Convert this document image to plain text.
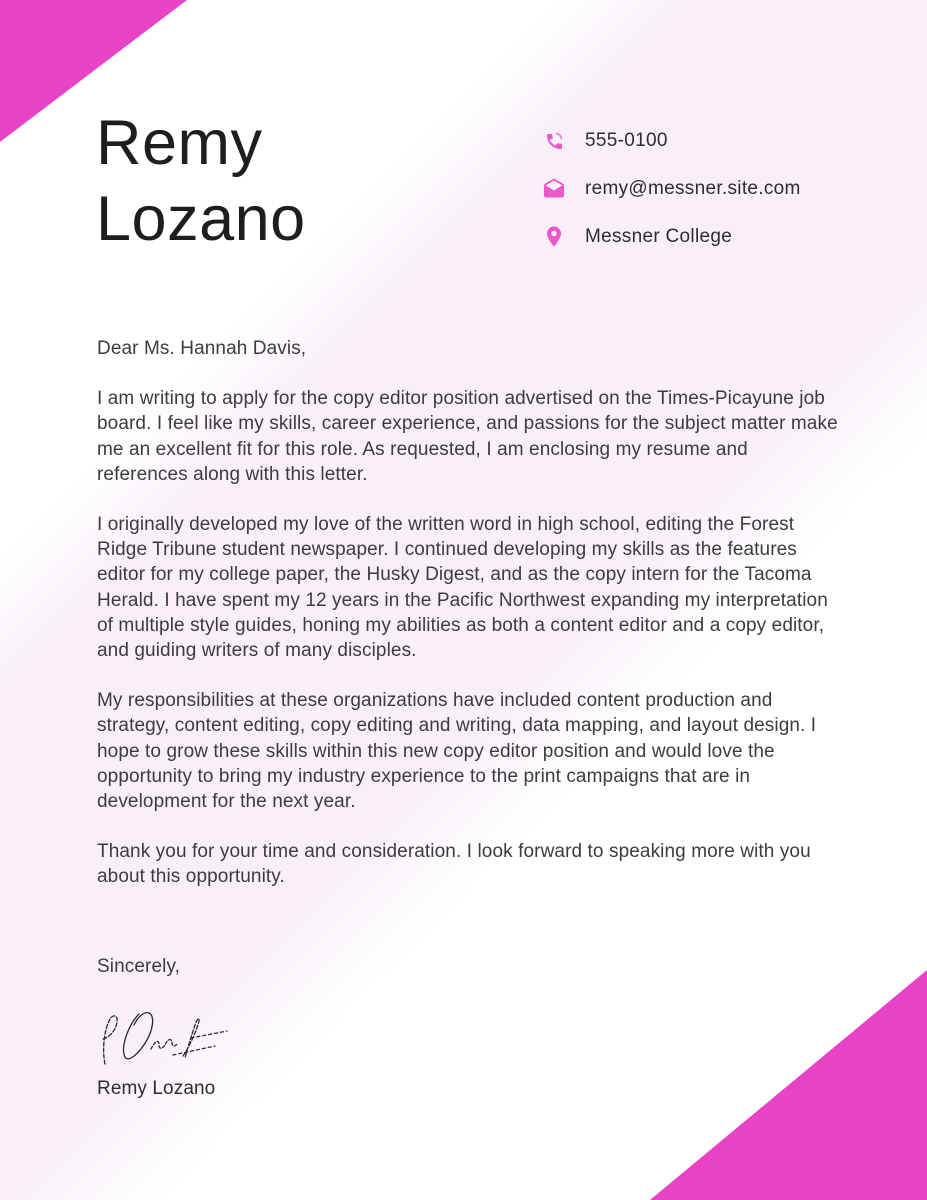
Remy
Lozano
555-0100
remy@messner.site.com
Messner College

Dear Ms. Hannah Davis,

I am writing to apply for the copy editor position advertised on the Times-Picayune job board. I feel like my skills, career experience, and passions for the subject matter make me an excellent fit for this role. As requested, I am enclosing my resume and references along with this letter.

I originally developed my love of the written word in high school, editing the Forest Ridge Tribune student newspaper. I continued developing my skills as the features editor for my college paper, the Husky Digest, and as the copy intern for the Tacoma Herald. I have spent my 12 years in the Pacific Northwest expanding my interpretation of multiple style guides, honing my abilities as both a content editor and a copy editor, and guiding writers of many disciples.

My responsibilities at these organizations have included content production and strategy, content editing, copy editing and writing, data mapping, and layout design. I hope to grow these skills within this new copy editor position and would love the opportunity to bring my industry experience to the print campaigns that are in development for the next year.

Thank you for your time and consideration. I look forward to speaking more with you about this opportunity.

Sincerely,

Remy Lozano
